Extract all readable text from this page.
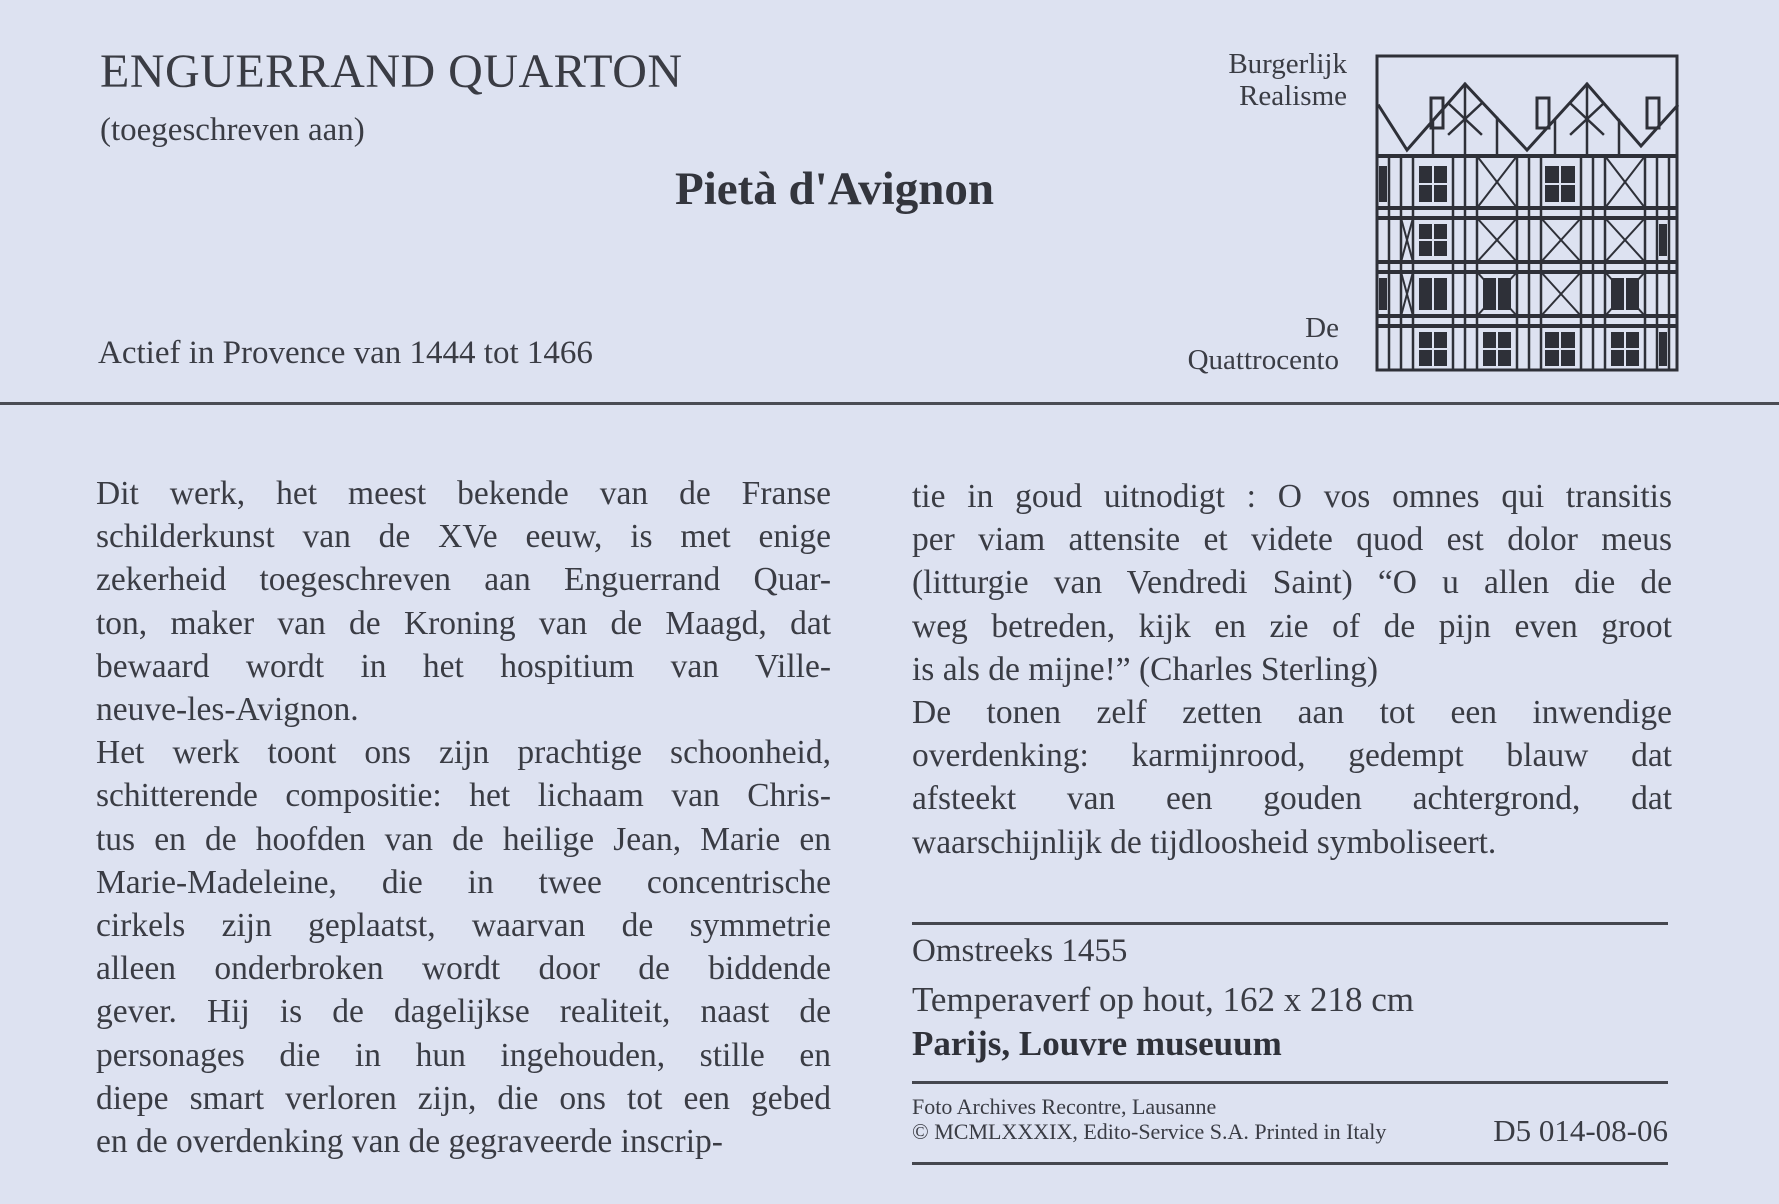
ENGUERRAND QUARTON
(toegeschreven aan)
Pietà d'Avignon
Actief in Provence van 1444 tot 1466
Burgerlijk
Realisme
De
Quattrocento

Dit werk, het meest bekende van de Franse

schilderkunst van de XVe eeuw, is met enige

zekerheid toegeschreven aan Enguerrand Quar-

ton, maker van de Kroning van de Maagd, dat

bewaard wordt in het hospitium van Ville-

neuve-les-Avignon.

Het werk toont ons zijn prachtige schoonheid,

schitterende compositie: het lichaam van Chris-

tus en de hoofden van de heilige Jean, Marie en

Marie-Madeleine, die in twee concentrische

cirkels zijn geplaatst, waarvan de symmetrie

alleen onderbroken wordt door de biddende

gever. Hij is de dagelijkse realiteit, naast de

personages die in hun ingehouden, stille en

diepe smart verloren zijn, die ons tot een gebed

en de overdenking van de gegraveerde inscrip-

tie in goud uitnodigt : O vos omnes qui transitis

per viam attensite et videte quod est dolor meus

(litturgie van Vendredi Saint) “O u allen die de

weg betreden, kijk en zie of de pijn even groot

is als de mijne!” (Charles Sterling)

De tonen zelf zetten aan tot een inwendige

overdenking: karmijnrood, gedempt blauw dat

afsteekt van een gouden achtergrond, dat

waarschijnlijk de tijdloosheid symboliseert.

Omstreeks 1455
Temperaverf op hout, 162 x 218 cm
Parijs, Louvre museuum
Foto Archives Recontre, Lausanne
© MCMLXXXIX, Edito-Service S.A. Printed in Italy	D5 014-08-06
